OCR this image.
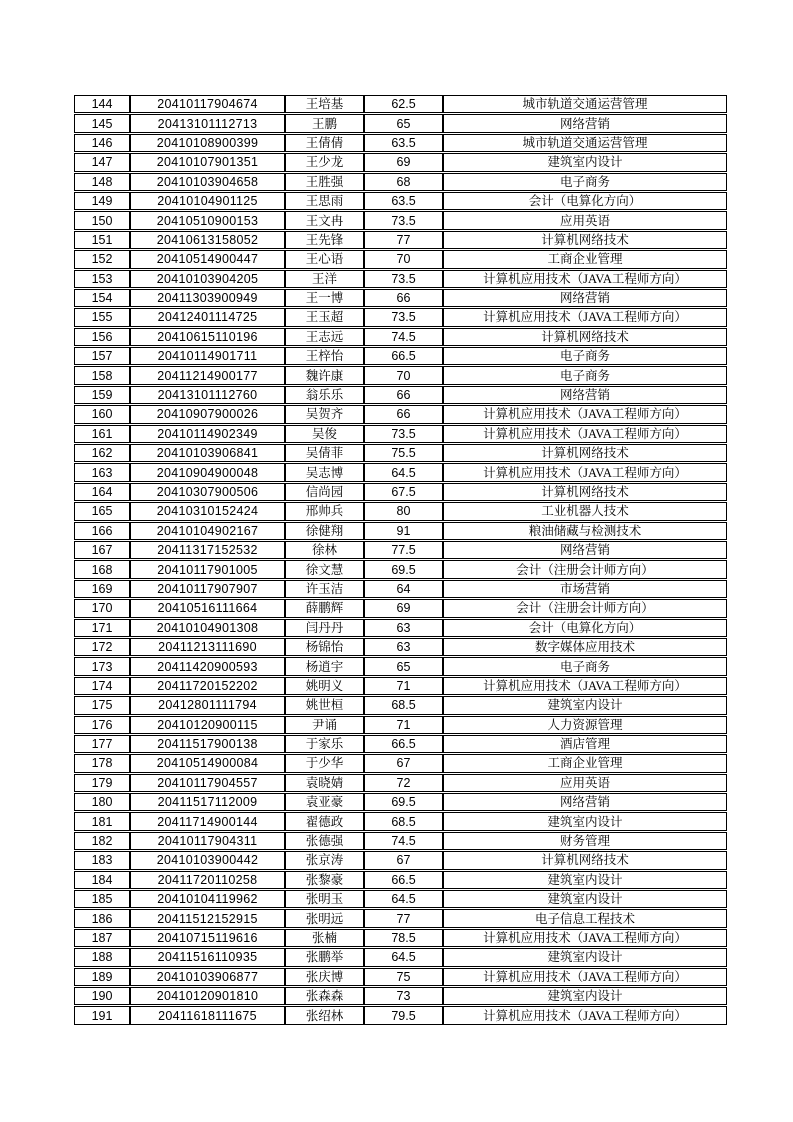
144	20410117904674	王培基	62.5	城市轨道交通运营管理
145	20413101112713	王鹏	65	网络营销
146	20410108900399	王倩倩	63.5	城市轨道交通运营管理
147	20410107901351	王少龙	69	建筑室内设计
148	20410103904658	王胜强	68	电子商务
149	20410104901125	王思雨	63.5	会计（电算化方向）
150	20410510900153	王文冉	73.5	应用英语
151	20410613158052	王先锋	77	计算机网络技术
152	20410514900447	王心语	70	工商企业管理
153	20410103904205	王洋	73.5	计算机应用技术（JAVA工程师方向）
154	20411303900949	王一博	66	网络营销
155	20412401114725	王玉超	73.5	计算机应用技术（JAVA工程师方向）
156	20410615110196	王志远	74.5	计算机网络技术
157	20410114901711	王梓怡	66.5	电子商务
158	20411214900177	魏许康	70	电子商务
159	20413101112760	翁乐乐	66	网络营销
160	20410907900026	吴贺齐	66	计算机应用技术（JAVA工程师方向）
161	20410114902349	吴俊	73.5	计算机应用技术（JAVA工程师方向）
162	20410103906841	吴倩菲	75.5	计算机网络技术
163	20410904900048	吴志博	64.5	计算机应用技术（JAVA工程师方向）
164	20410307900506	信尚园	67.5	计算机网络技术
165	20410310152424	邢帅兵	80	工业机器人技术
166	20410104902167	徐健翔	91	粮油储藏与检测技术
167	20411317152532	徐林	77.5	网络营销
168	20410117901005	徐文慧	69.5	会计（注册会计师方向）
169	20410117907907	许玉洁	64	市场营销
170	20410516111664	薛鹏辉	69	会计（注册会计师方向）
171	20410104901308	闫丹丹	63	会计（电算化方向）
172	20411213111690	杨锦怡	63	数字媒体应用技术
173	20411420900593	杨逍宇	65	电子商务
174	20411720152202	姚明义	71	计算机应用技术（JAVA工程师方向）
175	20412801111794	姚世桓	68.5	建筑室内设计
176	20410120900115	尹诵	71	人力资源管理
177	20411517900138	于家乐	66.5	酒店管理
178	20410514900084	于少华	67	工商企业管理
179	20410117904557	袁晓婧	72	应用英语
180	20411517112009	袁亚豪	69.5	网络营销
181	20411714900144	翟德政	68.5	建筑室内设计
182	20410117904311	张德强	74.5	财务管理
183	20410103900442	张京涛	67	计算机网络技术
184	20411720110258	张黎豪	66.5	建筑室内设计
185	20410104119962	张明玉	64.5	建筑室内设计
186	20411512152915	张明远	77	电子信息工程技术
187	20410715119616	张楠	78.5	计算机应用技术（JAVA工程师方向）
188	20411516110935	张鹏举	64.5	建筑室内设计
189	20410103906877	张庆博	75	计算机应用技术（JAVA工程师方向）
190	20410120901810	张森森	73	建筑室内设计
191	20411618111675	张绍林	79.5	计算机应用技术（JAVA工程师方向）
